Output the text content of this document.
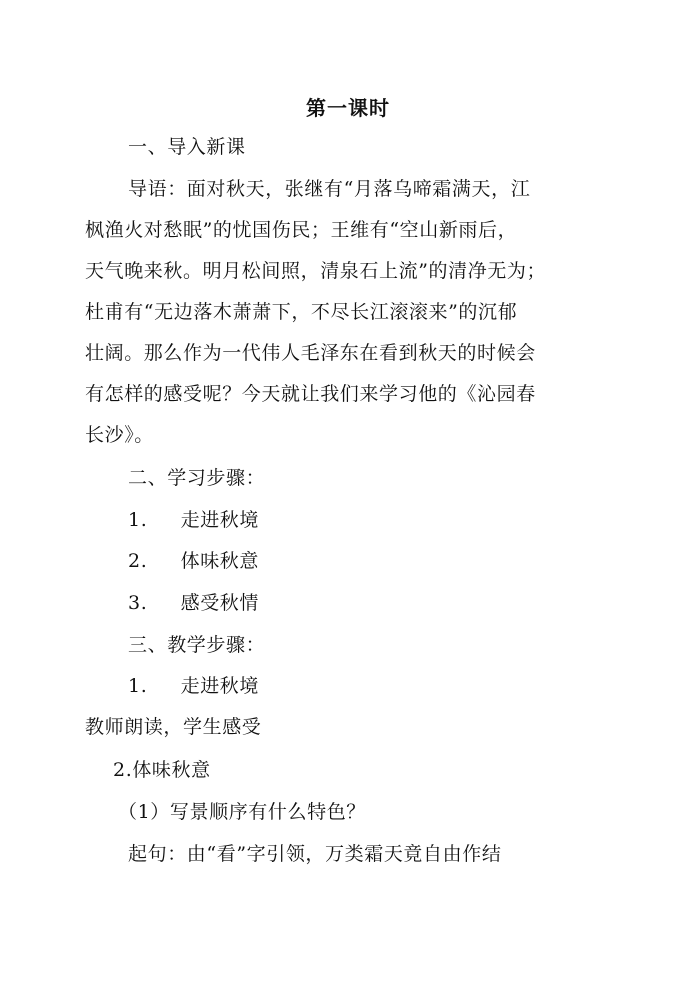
第一课时
一、导入新课
导语：面对秋天，张继有“月落乌啼霜满天，江
枫渔火对愁眠”的忧国伤民；王维有“空山新雨后，
天气晚来秋。明月松间照，清泉石上流”的清净无为；
杜甫有“无边落木萧萧下，不尽长江滚滚来”的沉郁
壮阔。那么作为一代伟人毛泽东在看到秋天的时候会
有怎样的感受呢？今天就让我们来学习他的《沁园春
长沙》。
二、学习步骤：
1. 走进秋境
2. 体味秋意
3. 感受秋情
三、教学步骤：
1. 走进秋境
教师朗读，学生感受
2.体味秋意
（1）写景顺序有什么特色？
起句：由“看”字引领，万类霜天竟自由作结
